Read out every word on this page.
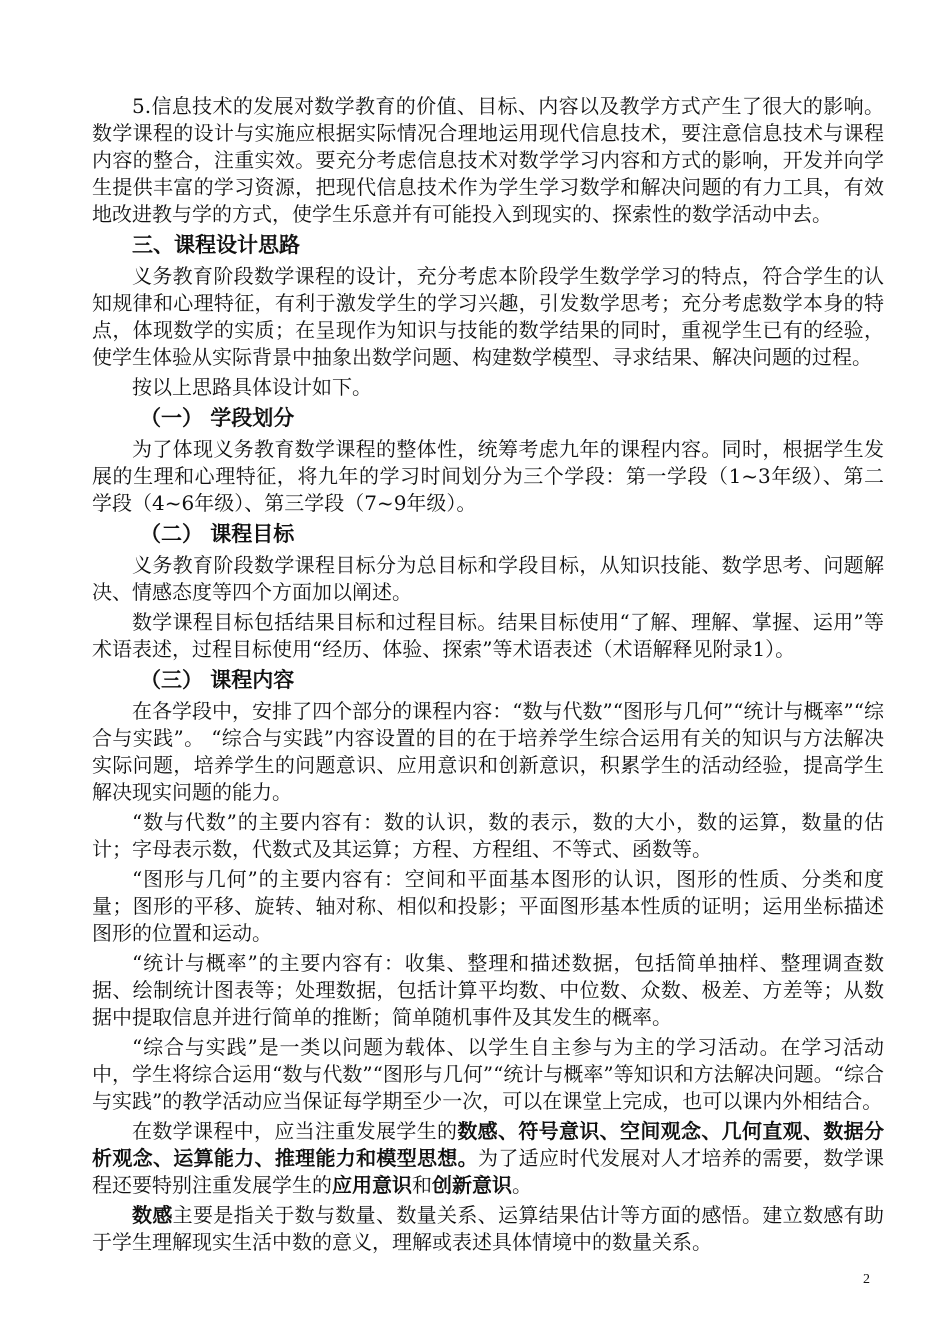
5.信息技术的发展对数学教育的价值、目标、内容以及教学方式产生了很大的影响。数学课程的设计与实施应根据实际情况合理地运用现代信息技术，要注意信息技术与课程内容的整合，注重实效。要充分考虑信息技术对数学学习内容和方式的影响，开发并向学生提供丰富的学习资源，把现代信息技术作为学生学习数学和解决问题的有力工具，有效地改进教与学的方式，使学生乐意并有可能投入到现实的、探索性的数学活动中去。

三、课程设计思路

义务教育阶段数学课程的设计，充分考虑本阶段学生数学学习的特点，符合学生的认知规律和心理特征，有利于激发学生的学习兴趣，引发数学思考；充分考虑数学本身的特点，体现数学的实质；在呈现作为知识与技能的数学结果的同时，重视学生已有的经验，使学生体验从实际背景中抽象出数学问题、构建数学模型、寻求结果、解决问题的过程。

按以上思路具体设计如下。

（一） 学段划分

为了体现义务教育数学课程的整体性，统筹考虑九年的课程内容。同时，根据学生发展的生理和心理特征，将九年的学习时间划分为三个学段：第一学段（1~3年级）、第二学段（4~6年级）、第三学段（7~9年级）。

（二） 课程目标

义务教育阶段数学课程目标分为总目标和学段目标，从知识技能、数学思考、问题解决、情感态度等四个方面加以阐述。

数学课程目标包括结果目标和过程目标。结果目标使用“了解、理解、掌握、运用”等术语表述，过程目标使用“经历、体验、探索”等术语表述（术语解释见附录1）。

（三） 课程内容

在各学段中，安排了四个部分的课程内容：“数与代数”“图形与几何”“统计与概率”“综合与实践”。 “综合与实践”内容设置的目的在于培养学生综合运用有关的知识与方法解决实际问题，培养学生的问题意识、应用意识和创新意识，积累学生的活动经验，提高学生解决现实问题的能力。

“数与代数”的主要内容有：数的认识，数的表示，数的大小，数的运算，数量的估计；字母表示数，代数式及其运算；方程、方程组、不等式、函数等。

“图形与几何”的主要内容有：空间和平面基本图形的认识，图形的性质、分类和度量；图形的平移、旋转、轴对称、相似和投影；平面图形基本性质的证明；运用坐标描述图形的位置和运动。

“统计与概率”的主要内容有：收集、整理和描述数据，包括简单抽样、整理调查数据、绘制统计图表等；处理数据，包括计算平均数、中位数、众数、极差、方差等；从数据中提取信息并进行简单的推断；简单随机事件及其发生的概率。

“综合与实践”是一类以问题为载体、以学生自主参与为主的学习活动。在学习活动中，学生将综合运用“数与代数”“图形与几何”“统计与概率”等知识和方法解决问题。“综合与实践”的教学活动应当保证每学期至少一次，可以在课堂上完成，也可以课内外相结合。

在数学课程中，应当注重发展学生的数感、符号意识、空间观念、几何直观、数据分析观念、运算能力、推理能力和模型思想。为了适应时代发展对人才培养的需要，数学课程还要特别注重发展学生的应用意识和创新意识。

数感主要是指关于数与数量、数量关系、运算结果估计等方面的感悟。建立数感有助于学生理解现实生活中数的意义，理解或表述具体情境中的数量关系。

2
